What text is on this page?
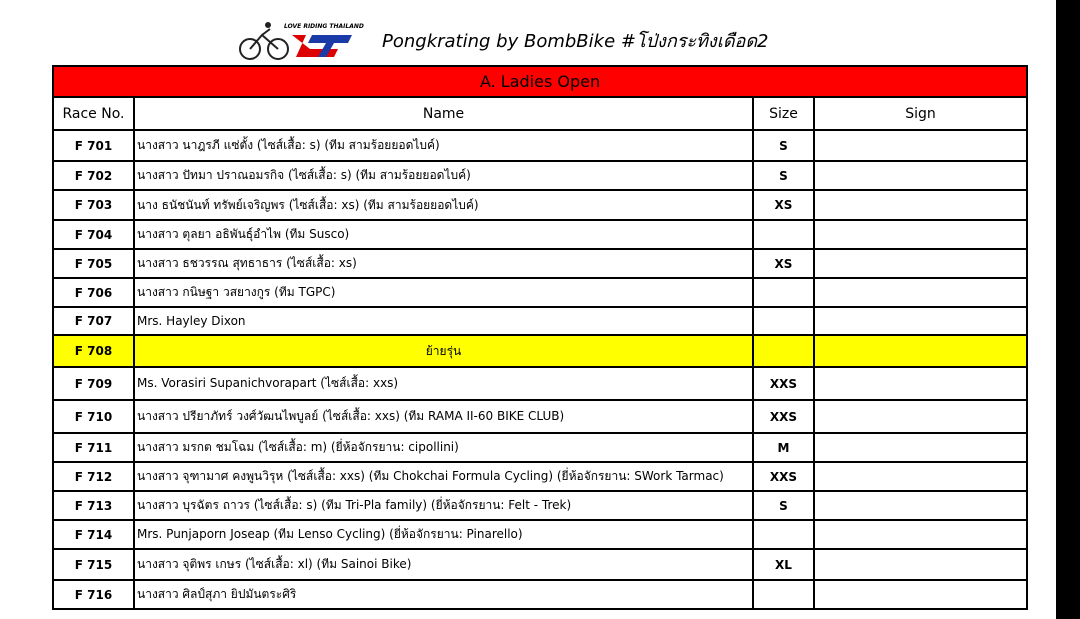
LOVE RIDING THAILAND
Pongkrating by BombBike #โป่งกระทิงเดือด2
A. Ladies Open			
Race No.	Name	Size	Sign
F 701	นางสาว นาฎรภี แซ่ตั้ง (ไซส์เสื้อ: s) (ทีม สามร้อยยอดไบค์)	S	
F 702	นางสาว ปัทมา ปราณอมรกิจ (ไซส์เสื้อ: s) (ทีม สามร้อยยอดไบค์)	S	
F 703	นาง ธนัชนันท์ ทรัพย์เจริญพร (ไซส์เสื้อ: xs) (ทีม สามร้อยยอดไบค์)	XS	
F 704	นางสาว ตุลยา อธิพันธุ์อำไพ (ทีม Susco)		
F 705	นางสาว ธชวรรณ สุทธาธาร (ไซส์เสื้อ: xs)	XS	
F 706	นางสาว กนิษฐา วสยางกูร (ทีม TGPC)		
F 707	Mrs. Hayley Dixon		
F 708	ย้ายรุ่น		
F 709	Ms. Vorasiri Supanichvorapart (ไซส์เสื้อ: xxs)	XXS	
F 710	นางสาว ปรียาภัทร์ วงศ์วัฒนไพบูลย์ (ไซส์เสื้อ: xxs) (ทีม RAMA II-60 BIKE CLUB)	XXS	
F 711	นางสาว มรกต ชมโฉม (ไซส์เสื้อ: m) (ยี่ห้อจักรยาน: cipollini)	M	
F 712	นางสาว จุฑามาศ คงพูนวิรุห (ไซส์เสื้อ: xxs) (ทีม Chokchai Formula Cycling) (ยี่ห้อจักรยาน: SWork Tarmac)	XXS	
F 713	นางสาว บุรฉัตร ถาวร (ไซส์เสื้อ: s) (ทีม Tri-Pla family) (ยี่ห้อจักรยาน: Felt - Trek)	S	
F 714	Mrs. Punjaporn Joseap (ทีม Lenso Cycling) (ยี่ห้อจักรยาน: Pinarello)		
F 715	นางสาว จุติพร เกษร (ไซส์เสื้อ: xl) (ทีม Sainoi Bike)	XL	
F 716	นางสาว ศิลป์สุภา ยิปมันตระศิริ		
